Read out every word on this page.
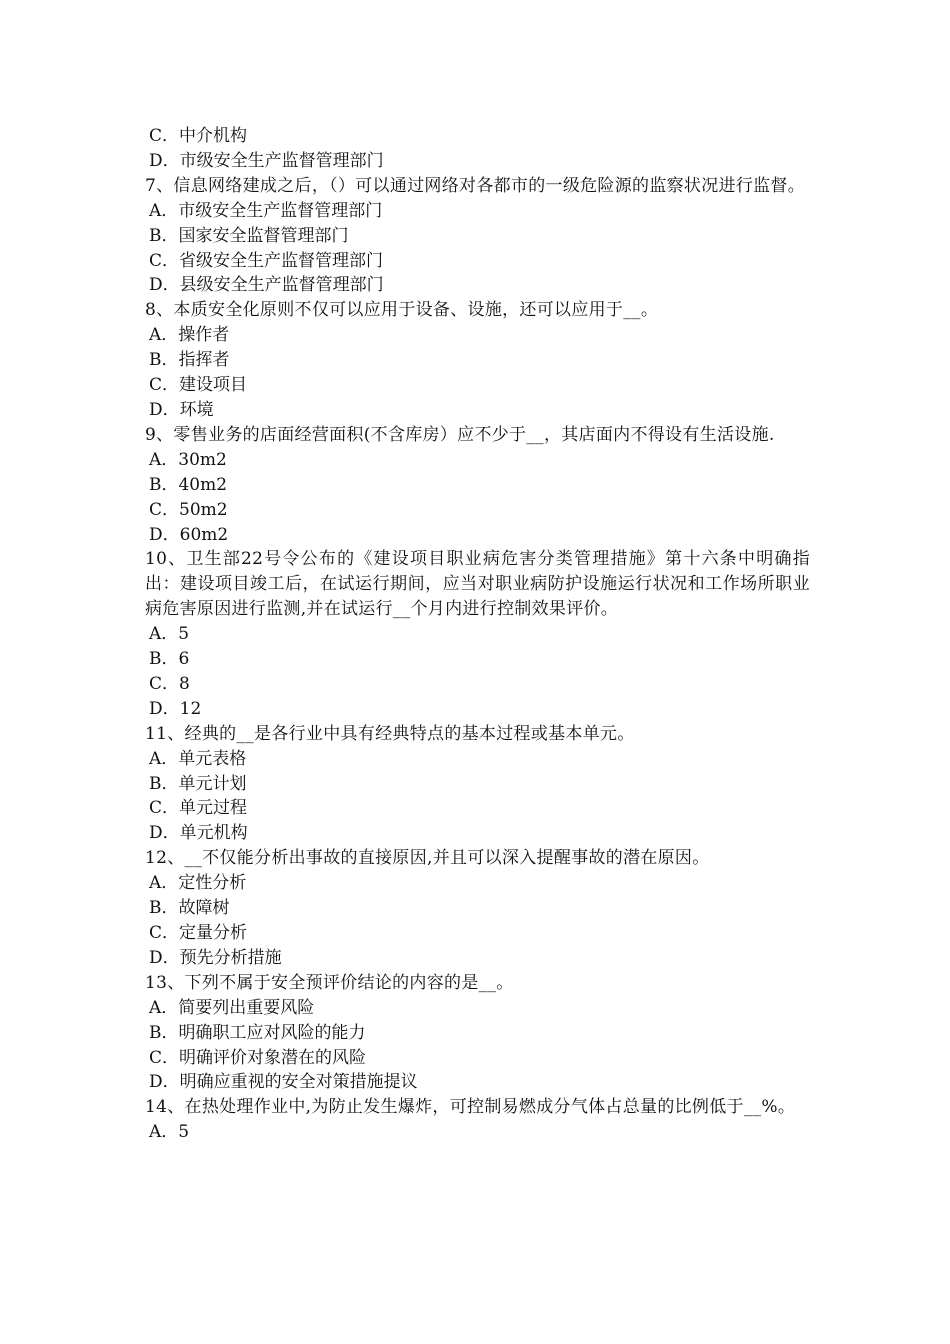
C．中介机构

D．市级安全生产监督管理部门

7、信息网络建成之后，（）可以通过网络对各都市的一级危险源的监察状况进行监督。

A．市级安全生产监督管理部门

B．国家安全监督管理部门

C．省级安全生产监督管理部门

D．县级安全生产监督管理部门

8、本质安全化原则不仅可以应用于设备、设施，还可以应用于__。

A．操作者

B．指挥者

C．建设项目

D．环境

9、零售业务的店面经营面积(不含库房）应不少于__，其店面内不得设有生活设施.

A．30m2

B．40m2

C．50m2

D．60m2

10、卫生部22号令公布的《建设项目职业病危害分类管理措施》第十六条中明确指出：建设项目竣工后，在试运行期间，应当对职业病防护设施运行状况和工作场所职业病危害原因进行监测,并在试运行__个月内进行控制效果评价。

A．5

B．6

C．8

D．12

11、经典的__是各行业中具有经典特点的基本过程或基本单元。

A．单元表格

B．单元计划

C．单元过程

D．单元机构

12、__不仅能分析出事故的直接原因,并且可以深入提醒事故的潜在原因。

A．定性分析

B．故障树

C．定量分析

D．预先分析措施

13、下列不属于安全预评价结论的内容的是__。

A．简要列出重要风险

B．明确职工应对风险的能力

C．明确评价对象潜在的风险

D．明确应重视的安全对策措施提议

14、在热处理作业中,为防止发生爆炸，可控制易燃成分气体占总量的比例低于__%。

A．5
